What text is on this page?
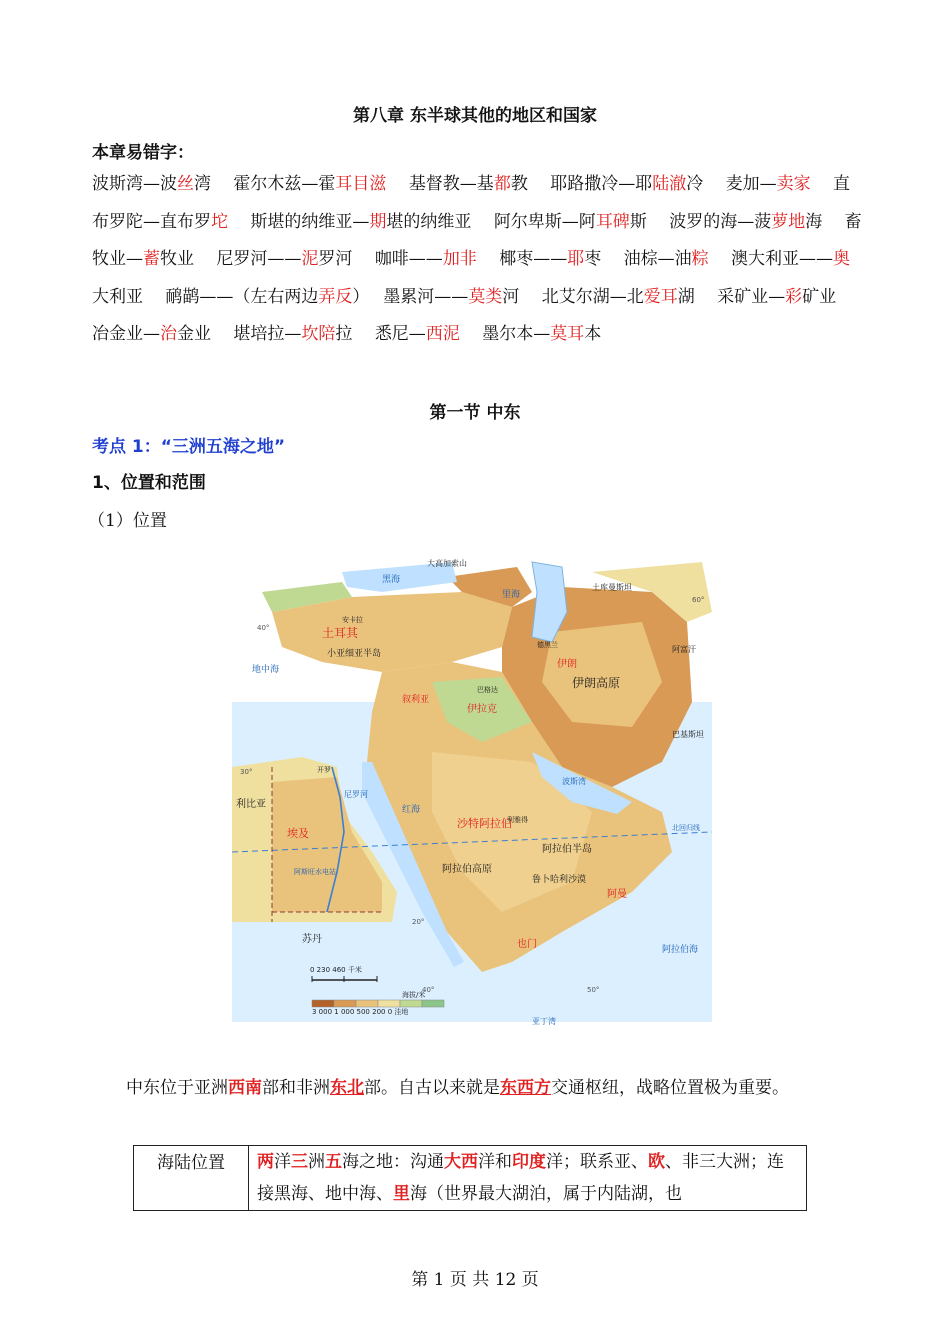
第八章 东半球其他的地区和国家
本章易错字：
波斯湾—波丝湾　 霍尔木兹—霍耳目滋　 基督教—基都教　 耶路撒冷—耶陆澈冷　 麦加—卖家　 直布罗陀—直布罗坨　 斯堪的纳维亚—期堪的纳维亚　 阿尔卑斯—阿耳碑斯　 波罗的海—菠萝地海　 畜牧业—蓄牧业　 尼罗河——泥罗河　 咖啡——加非　 椰枣——耶枣　 油棕—油粽　 澳大利亚——奥大利亚　 鸸鹋——（左右两边弄反）　 墨累河——莫类河　 北艾尔湖—北爱耳湖　 采矿业—彩矿业　 冶金业—治金业　 堪培拉—坎陪拉　 悉尼—西泥　 墨尔本—莫耳本
第一节 中东
考点 1：“三洲五海之地”
1、位置和范围
（1）位置
地中海
黑海
里海
红海
波斯湾
阿拉伯海
亚丁湾
土耳其
小亚细亚半岛
伊朗高原
伊朗
伊拉克
叙利亚
埃及
利比亚
苏丹
沙特阿拉伯
阿拉伯半岛
鲁卜哈利沙漠
阿拉伯高原
土库曼斯坦
阿富汗
巴基斯坦
阿曼
也门
大高加索山
尼罗河
北回归线
阿斯旺水电站
利雅得
巴格达
德黑兰
安卡拉
开罗
40°
30°
20°
40°	50°
60°
0 230 460 千米
海拔/米
3 000 1 000 500 200 0 洼地
中东位于亚洲西南部和非洲东北部。自古以来就是东西方交通枢纽，战略位置极为重要。
海陆位置	两洋三洲五海之地：沟通大西洋和印度洋；联系亚、欧、非三大洲；连接黑海、地中海、里海（世界最大湖泊，属于内陆湖，也
第 1 页 共 12 页
